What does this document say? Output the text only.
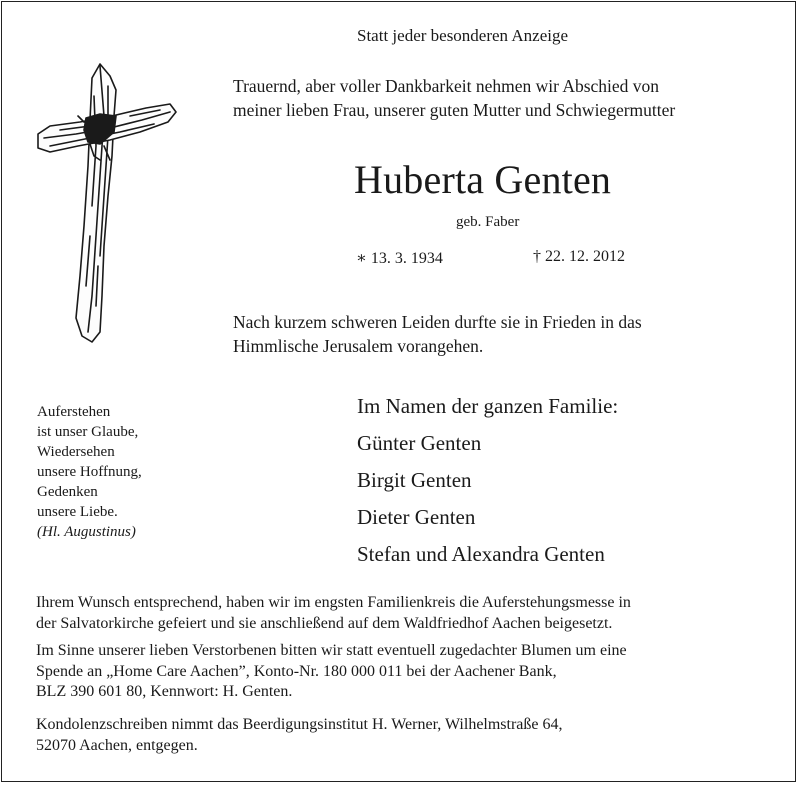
Statt jeder besonderen Anzeige
Trauernd, aber voller Dankbarkeit nehmen wir Abschied von
meiner lieben Frau, unserer guten Mutter und Schwiegermutter
Huberta Genten
geb. Faber
∗ 13. 3. 1934	† 22. 12. 2012
Nach kurzem schweren Leiden durfte sie in Frieden in das
Himmlische Jerusalem vorangehen.
Im Namen der ganzen Familie:
Günter Genten
Birgit Genten
Dieter Genten
Stefan und Alexandra Genten
Auferstehen
ist unser Glaube,
Wiedersehen
unsere Hoffnung,
Gedenken
unsere Liebe.
(Hl. Augustinus)
Ihrem Wunsch entsprechend, haben wir im engsten Familienkreis die Auferstehungsmesse in
der Salvatorkirche gefeiert und sie anschließend auf dem Waldfriedhof Aachen beigesetzt.
Im Sinne unserer lieben Verstorbenen bitten wir statt eventuell zugedachter Blumen um eine
Spende an „Home Care Aachen”, Konto-Nr. 180 000 011 bei der Aachener Bank,
BLZ 390 601 80, Kennwort: H. Genten.
Kondolenzschreiben nimmt das Beerdigungsinstitut H. Werner, Wilhelmstraße 64,
52070 Aachen, entgegen.
